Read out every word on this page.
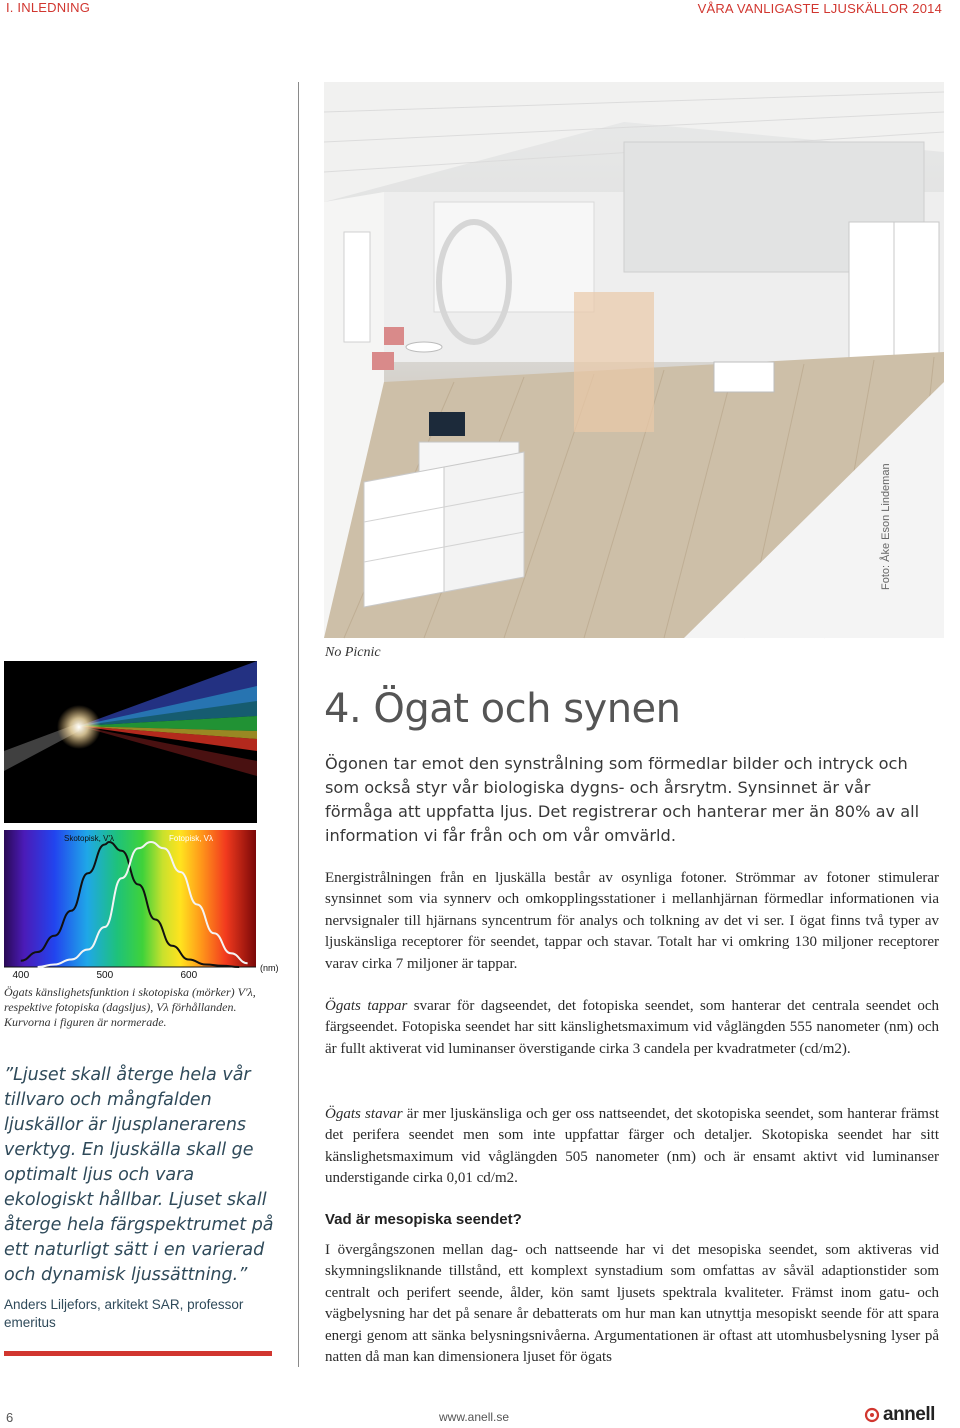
I. INLEDNING	VÅRA VANLIGASTE LJUSKÄLLOR 2014
Foto: Åke Eson Lindeman
No Picnic
Skotopisk, V'λ	Fotopisk, Vλ
400	500	600
(nm)
Ögats känslighetsfunktion i skotopiska (mörker) V'λ, respektive fotopiska (dagsljus), Vλ förhållanden. Kurvorna i figuren är normerade.
”Ljuset skall återge hela vår tillvaro och mångfalden ljuskällor är ljusplanerarens verktyg. En ljuskälla skall ge optimalt ljus och vara ekologiskt hållbar. Ljuset skall återge hela färgspektrumet på ett naturligt sätt i en varierad och dynamisk ljussättning.”
Anders Liljefors, arkitekt SAR, professor emeritus
4. Ögat och synen
Ögonen tar emot den synstrålning som förmedlar bilder och intryck och som också styr vår biologiska dygns- och årsrytm. Synsinnet är vår förmåga att uppfatta ljus. Det registrerar och hanterar mer än 80% av all information vi får från och om vår omvärld.
Energistrålningen från en ljuskälla består av osynliga fotoner. Strömmar av fotoner stimulerar synsinnet som via synnerv och omkopplingsstationer i mellanhjärnan förmedlar informationen via nervsignaler till hjärnans syncentrum för analys och tolkning av det vi ser. I ögat finns två typer av ljuskänsliga receptorer för seendet, tappar och stavar. Totalt har vi omkring 130 miljoner receptorer varav cirka 7 miljoner är tappar.
Ögats tappar svarar för dagseendet, det fotopiska seendet, som hanterar det centrala seendet och färgseendet. Fotopiska seendet har sitt känslighetsmaximum vid våglängden 555 nanometer (nm) och är fullt aktiverat vid luminanser överstigande cirka 3 candela per kvadratmeter (cd/m2).
Ögats stavar är mer ljuskänsliga och ger oss nattseendet, det skotopiska seendet, som hanterar främst det perifera seendet men som inte uppfattar färger och detaljer. Skotopiska seendet har sitt känslighetsmaximum vid våglängden 505 nanometer (nm) och är ensamt aktivt vid luminanser understigande cirka 0,01 cd/m2.
Vad är mesopiska seendet?
I övergångszonen mellan dag- och nattseende har vi det mesopiska seendet, som aktiveras vid skymningsliknande tillstånd, ett komplext synstadium som omfattas av såväl adaptionstider som centralt och perifert seende, ålder, kön samt ljusets spektrala kvaliteter. Främst inom gatu- och vägbelysning har det på senare år debatterats om hur man kan utnyttja mesopiskt seende för att spara energi genom att sänka belysningsnivåerna. Argumentationen är oftast att utomhusbelysning lyser på natten då man kan dimensionera ljuset för ögats
6	www.anell.se	annell
